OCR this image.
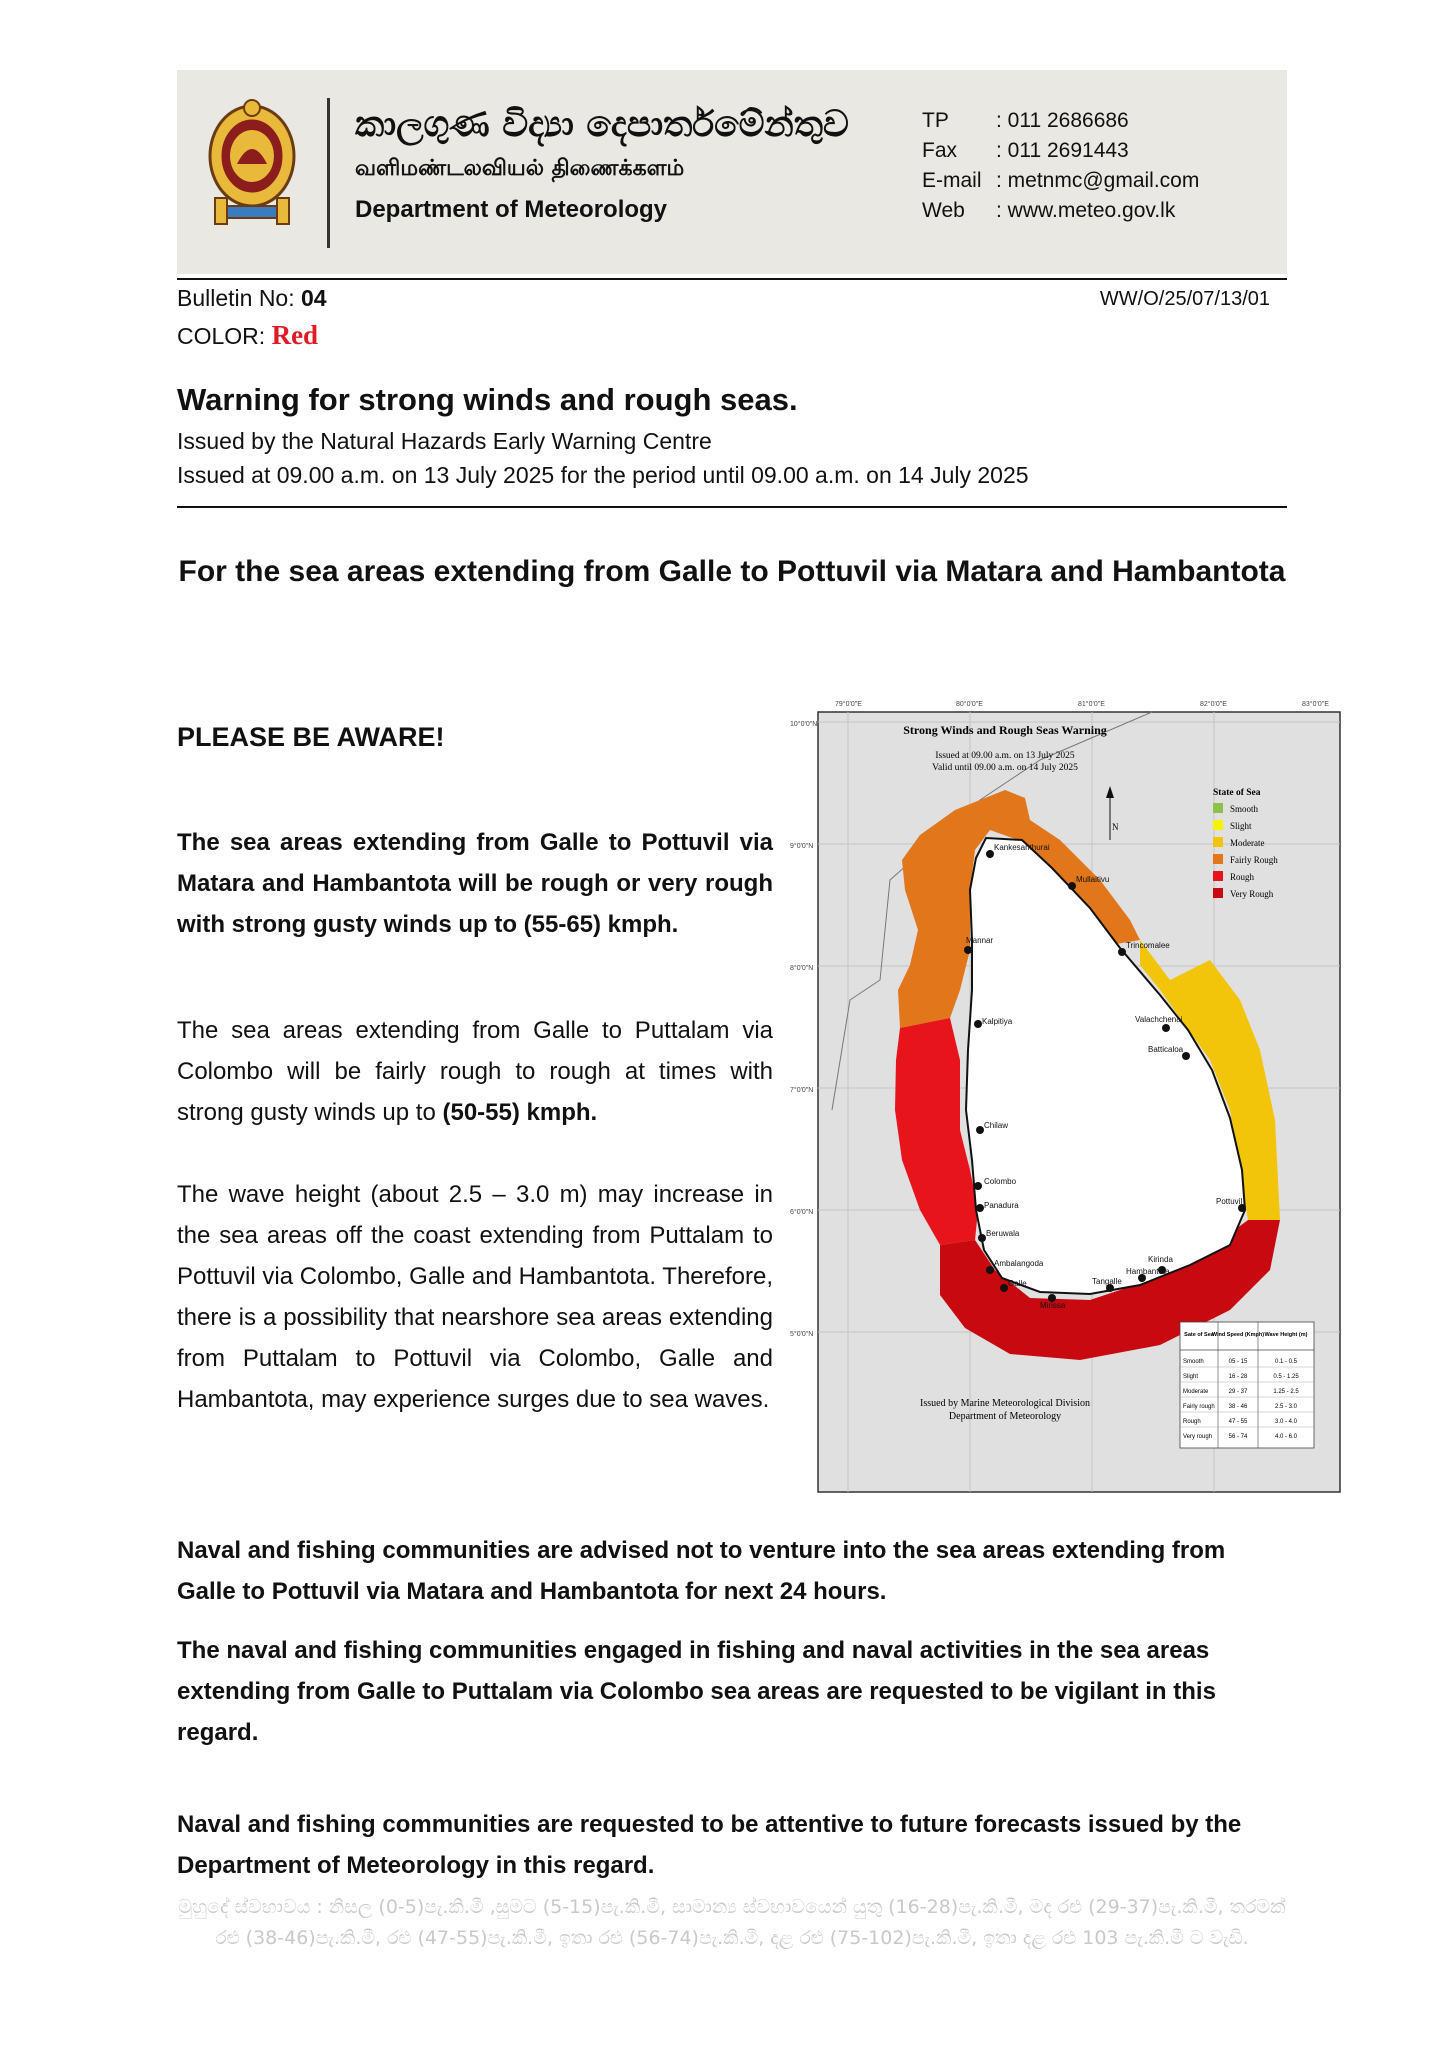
කාලගුණ විද්‍යා දෙපාර්තමේන්තුව
வளிமண்டலவியல் திணைக்களம்
Department of Meteorology
TP	: 011 2686686
Fax	: 011 2691443
E-mail : metnmc@gmail.com
Web	: www.meteo.gov.lk
Bulletin No: 04	WW/O/25/07/13/01
COLOR: Red
Warning for strong winds and rough seas.
Issued by the Natural Hazards Early Warning Centre
Issued at 09.00 a.m. on 13 July 2025 for the period until 09.00 a.m. on 14 July 2025
For the sea areas extending from Galle to Pottuvil via Matara and Hambantota
PLEASE BE AWARE!
The sea areas extending from Galle to Pottuvil via Matara and Hambantota will be rough or very rough with strong gusty winds up to (55-65) kmph.
The sea areas extending from Galle to Puttalam via Colombo will be fairly rough to rough at times with strong gusty winds up to (50-55) kmph.
The wave height (about 2.5 – 3.0 m) may increase in the sea areas off the coast extending from Puttalam to Pottuvil via Colombo, Galle and Hambantota. Therefore, there is a possibility that nearshore sea areas extending from Puttalam to Pottuvil via Colombo, Galle and Hambantota, may experience surges due to sea waves.
Kankesanthurai
Mullaitivu
Mannar
Trincomalee
Kalpitiya	Valachchenai
Batticaloa
Chilaw
Colombo
Panadura
Beruwala
Ambalangoda
Galle
Mirissa
Tangalle
Hambantota
Kirinda
Pottuvil
79°0'0"E	80°0'0"E	81°0'0"E	82°0'0"E	83°0'0"E
10°0'0"N
9°0'0"N
8°0'0"N
7°0'0"N
6°0'0"N
5°0'0"N
Strong Winds and Rough Seas Warning
Issued at 09.00 a.m. on 13 July 2025
Valid until 09.00 a.m. on 14 July 2025
N
State of Sea
Smooth
Slight
Moderate
Fairly Rough
Rough
Very Rough
Smooth	05 - 15	0.1 - 0.5
Slight	16 - 28	0.5 - 1.25
Moderate	29 - 37	1.25 - 2.5
Fairly rough 38 - 46	2.5 - 3.0
Rough	47 - 55	3.0 - 4.0
Very rough	56 - 74	4.0 - 6.0
Sate of Sea
Wind Speed (Kmph) Wave Height (m)
Issued by Marine Meteorological Division
Department of Meteorology
Naval and fishing communities are advised not to venture into the sea areas extending from Galle to Pottuvil via Matara and Hambantota for next 24 hours.
The naval and fishing communities engaged in fishing and naval activities in the sea areas extending from Galle to Puttalam via Colombo sea areas are requested to be vigilant in this regard.
Naval and fishing communities are requested to be attentive to future forecasts issued by the Department of Meteorology in this regard.
මුහුදේ ස්වභාවය : නිසල (0-5)පැ.කි.මී ,සුමට (5-15)පැ.කි.මී, සාමාන්‍ය ස්වභාවයෙන් යුතු (16-28)පැ.කි.මී, මද රළු (29-37)පැ.කි.මී, තරමක් රළු (38-46)පැ.කි.මී, රළු (47-55)පැ.කි.මී, ඉතා රළු (56-74)පැ.කි.මී, දළ රළු (75-102)පැ.කි.මී, ඉතා දළ රළු 103 පැ.කි.මී ට වැඩි.
